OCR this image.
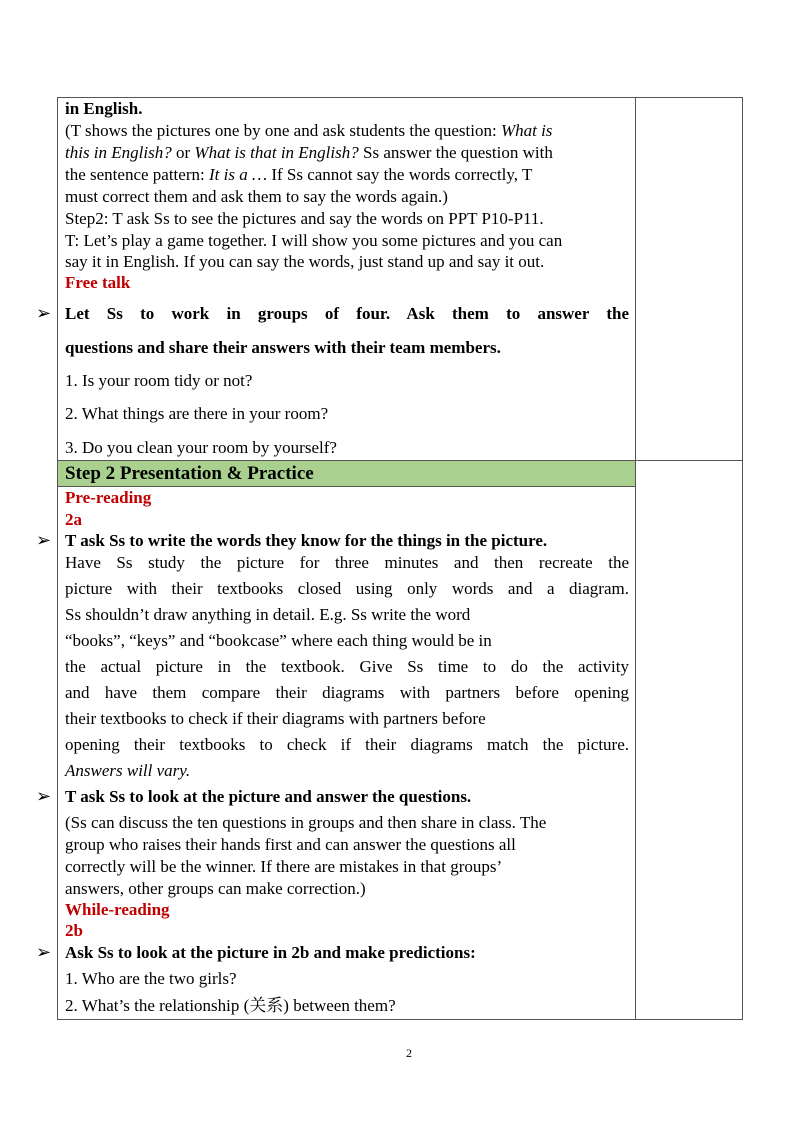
in English.
(T shows the pictures one by one and ask students the question: What is
this in English? or What is that in English? Ss answer the question with
the sentence pattern: It is a … If Ss cannot say the words correctly, T
must correct them and ask them to say the words again.)
Step2: T ask Ss to see the pictures and say the words on PPT P10-P11.
T: Let’s play a game together. I will show you some pictures and you can
say it in English. If you can say the words, just stand up and say it out.
Free talk
➢ Let Ss to work in groups of four. Ask them to answer the
questions and share their answers with their team members.
1. Is your room tidy or not?
2. What things are there in your room?
3. Do you clean your room by yourself?
Step 2 Presentation & Practice
Pre-reading
2a
➢ T ask Ss to write the words they know for the things in the picture.
Have Ss study the picture for three minutes and then recreate the
picture with their textbooks closed using only words and a diagram.
Ss shouldn’t draw anything in detail. E.g. Ss write the word
“books”, “keys” and “bookcase” where each thing would be in
the actual picture in the textbook. Give Ss time to do the activity
and have them compare their diagrams with partners before opening
their textbooks to check if their diagrams with partners before
opening their textbooks to check if their diagrams match the picture.
Answers will vary.
➢ T ask Ss to look at the picture and answer the questions.
(Ss can discuss the ten questions in groups and then share in class. The
group who raises their hands first and can answer the questions all
correctly will be the winner. If there are mistakes in that groups’
answers, other groups can make correction.)
While-reading
2b
➢ Ask Ss to look at the picture in 2b and make predictions:
1. Who are the two girls?
2. What’s the relationship (关系) between them?
2
